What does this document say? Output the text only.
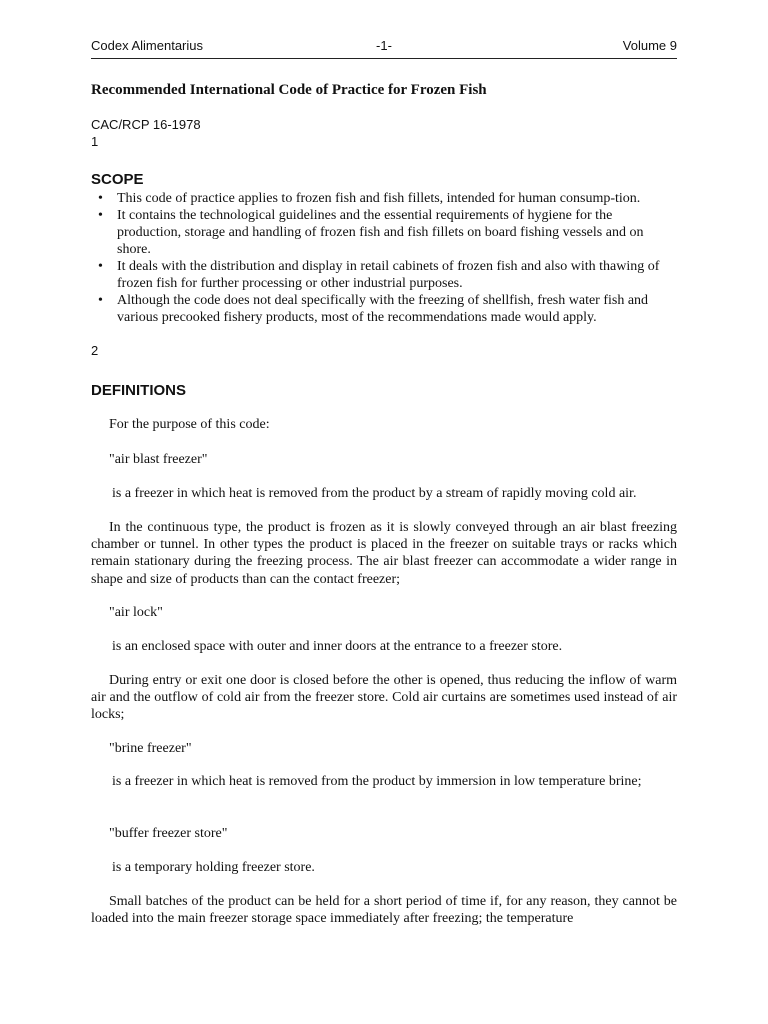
Codex Alimentarius	-1-	Volume 9
Recommended International Code of Practice for Frozen Fish
CAC/RCP 16-1978
1
SCOPE
• This code of practice applies to frozen fish and fish fillets, intended for human consump-tion.
• It contains the technological guidelines and the essential requirements of hygiene for the production, storage and handling of frozen fish and fish fillets on board fishing vessels and on shore.
• It deals with the distribution and display in retail cabinets of frozen fish and also with thawing of frozen fish for further processing or other industrial purposes.
• Although the code does not deal specifically with the freezing of shellfish, fresh water fish and various precooked fishery products, most of the recommendations made would apply.
2
DEFINITIONS
For the purpose of this code:
"air blast freezer"
is a freezer in which heat is removed from the product by a stream of rapidly moving cold air.
In the continuous type, the product is frozen as it is slowly conveyed through an air blast freezing chamber or tunnel. In other types the product is placed in the freezer on suitable trays or racks which remain stationary during the freezing process. The air blast freezer can accommodate a wider range in shape and size of products than can the contact freezer;
"air lock"
is an enclosed space with outer and inner doors at the entrance to a freezer store.
During entry or exit one door is closed before the other is opened, thus reducing the inflow of warm air and the outflow of cold air from the freezer store. Cold air curtains are sometimes used instead of air locks;
"brine freezer"
is a freezer in which heat is removed from the product by immersion in low temperature brine;
"buffer freezer store"
is a temporary holding freezer store.
Small batches of the product can be held for a short period of time if, for any reason, they cannot be loaded into the main freezer storage space immediately after freezing; the temperature
